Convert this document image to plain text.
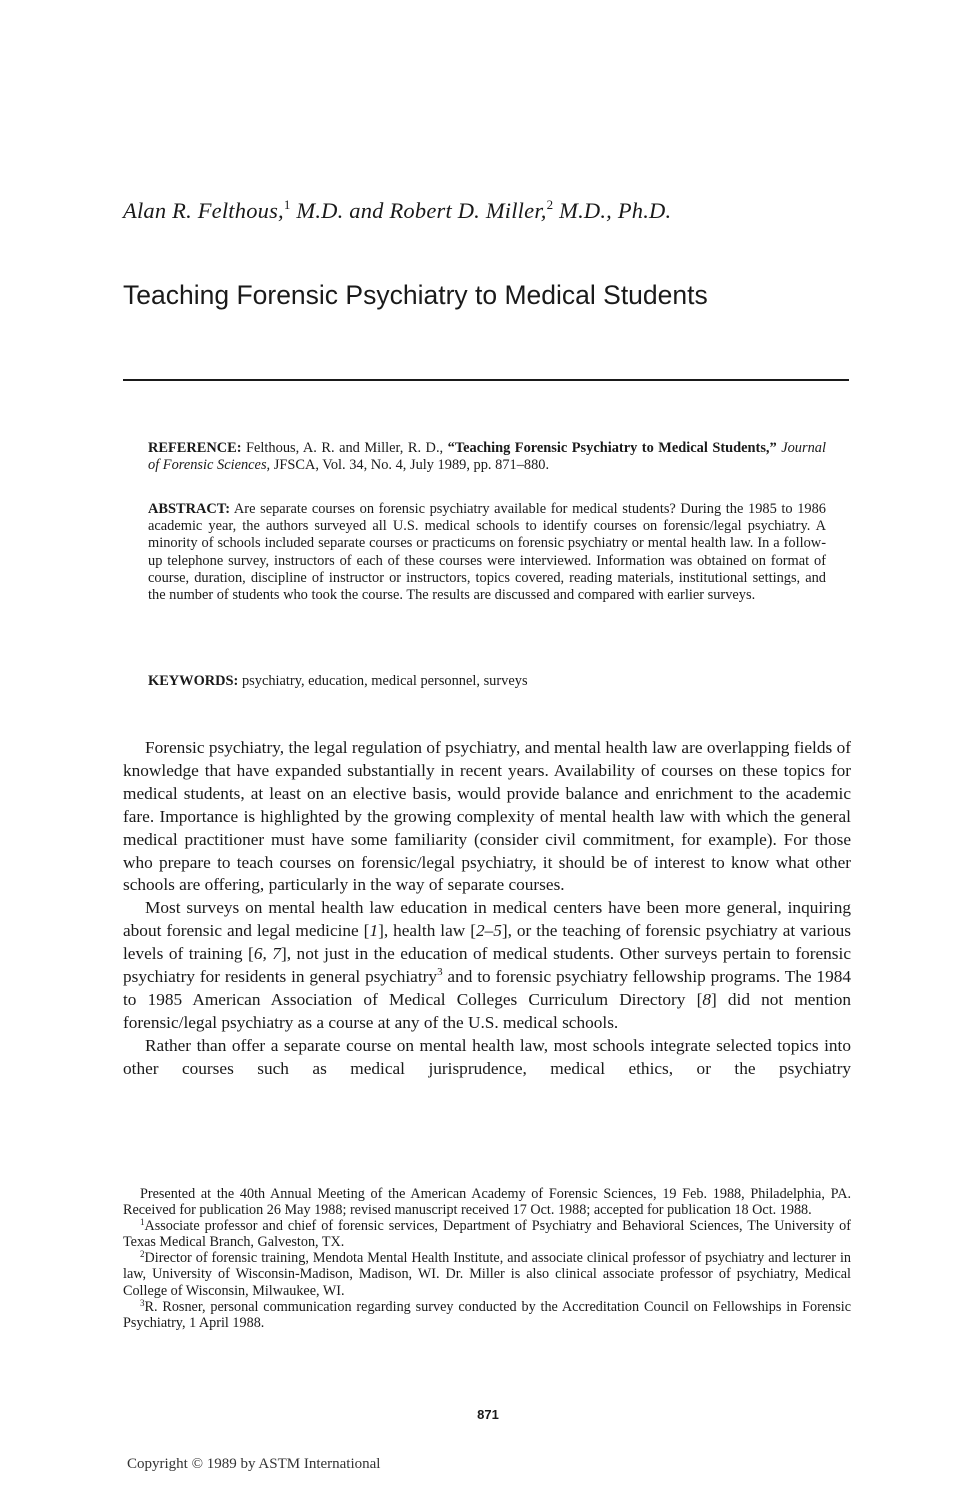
Alan R. Felthous,$^1$ M.D. and Robert D. Miller,$^2$ M.D., Ph.D.
Teaching Forensic Psychiatry to Medical Students
REFERENCE: Felthous, A. R. and Miller, R. D., “Teaching Forensic Psychiatry to Medical Students,” Journal of Forensic Sciences, JFSCA, Vol. 34, No. 4, July 1989, pp. 871–880.
ABSTRACT: Are separate courses on forensic psychiatry available for medical students? During the 1985 to 1986 academic year, the authors surveyed all U.S. medical schools to identify courses on forensic/legal psychiatry. A minority of schools included separate courses or practicums on forensic psychiatry or mental health law. In a follow-up telephone survey, instructors of each of these courses were interviewed. Information was obtained on format of course, duration, discipline of instructor or instructors, topics covered, reading materials, institutional settings, and the number of students who took the course. The results are discussed and compared with earlier surveys.
KEYWORDS: psychiatry, education, medical personnel, surveys

Forensic psychiatry, the legal regulation of psychiatry, and mental health law are overlapping fields of knowledge that have expanded substantially in recent years. Availability of courses on these topics for medical students, at least on an elective basis, would provide balance and enrichment to the academic fare. Importance is highlighted by the growing complexity of mental health law with which the general medical practitioner must have some familiarity (consider civil commitment, for example). For those who prepare to teach courses on forensic/legal psychiatry, it should be of interest to know what other schools are offering, particularly in the way of separate courses.

Most surveys on mental health law education in medical centers have been more general, inquiring about forensic and legal medicine [1], health law [2–5], or the teaching of forensic psychiatry at various levels of training [6, 7], not just in the education of medical students. Other surveys pertain to forensic psychiatry for residents in general psychiatry$^3$ and to forensic psychiatry fellowship programs. The 1984 to 1985 American Association of Medical Colleges Curriculum Directory [8] did not mention forensic/legal psychiatry as a course at any of the U.S. medical schools.

Rather than offer a separate course on mental health law, most schools integrate selected topics into other courses such as medical jurisprudence, medical ethics, or the psychiatry

Presented at the 40th Annual Meeting of the American Academy of Forensic Sciences, 19 Feb. 1988, Philadelphia, PA. Received for publication 26 May 1988; revised manuscript received 17 Oct. 1988; accepted for publication 18 Oct. 1988.

$^1$Associate professor and chief of forensic services, Department of Psychiatry and Behavioral Sciences, The University of Texas Medical Branch, Galveston, TX.

$^2$Director of forensic training, Mendota Mental Health Institute, and associate clinical professor of psychiatry and lecturer in law, University of Wisconsin-Madison, Madison, WI. Dr. Miller is also clinical associate professor of psychiatry, Medical College of Wisconsin, Milwaukee, WI.

$^3$R. Rosner, personal communication regarding survey conducted by the Accreditation Council on Fellowships in Forensic Psychiatry, 1 April 1988.

871
Copyright © 1989 by ASTM International
